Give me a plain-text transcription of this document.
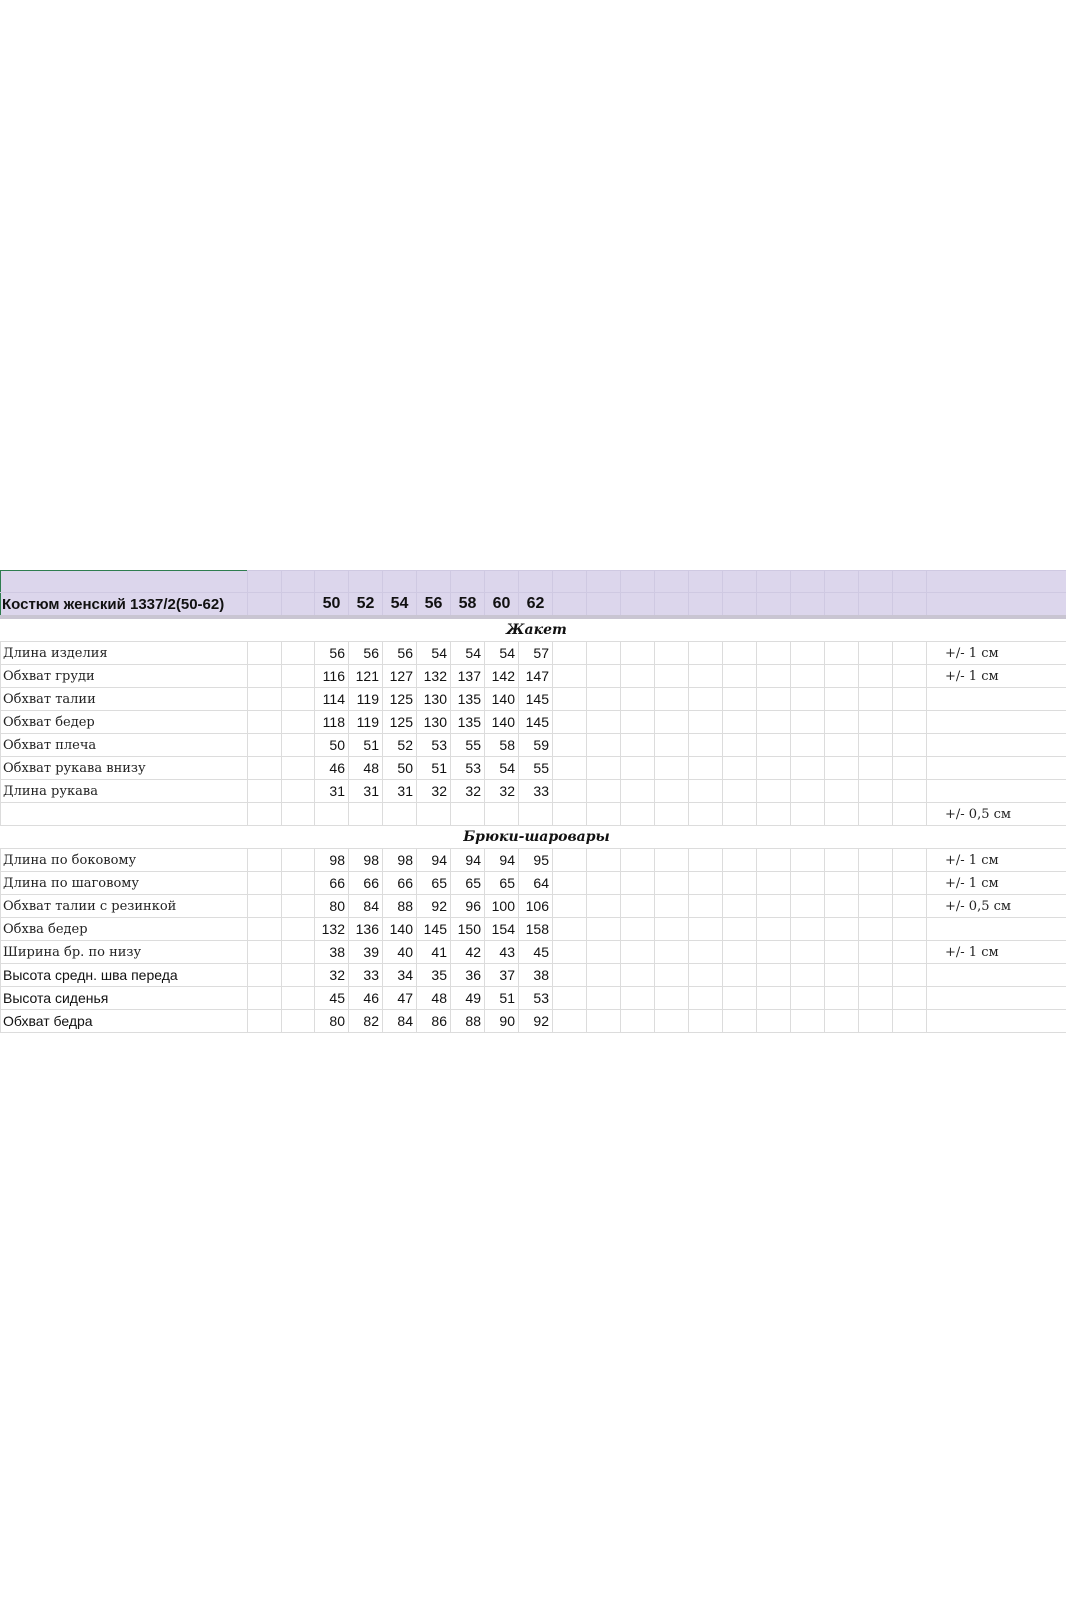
Костюм женский 1337/2(50-62)			50	52	54	56	58	60	62												
Жакет																					
Длина изделия			56	56	56	54	54	54	57												+/- 1 см
Обхват груди			116	121	127	132	137	142	147												+/- 1 см
Обхват талии			114	119	125	130	135	140	145												
Обхват бедер			118	119	125	130	135	140	145												
Обхват плеча			50	51	52	53	55	58	59												
Обхват рукава внизу			46	48	50	51	53	54	55												
Длина рукава			31	31	31	32	32	32	33												
																					+/- 0,5 см
Брюки-шаровары																					
Длина по боковому			98	98	98	94	94	94	95												+/- 1 см
Длина по шаговому			66	66	66	65	65	65	64												+/- 1 см
Обхват талии с резинкой			80	84	88	92	96	100	106												+/- 0,5 см
Обхва бедер			132	136	140	145	150	154	158												
Ширина бр. по низу			38	39	40	41	42	43	45												+/- 1 см
Высота средн. шва переда			32	33	34	35	36	37	38												
Высота сиденья			45	46	47	48	49	51	53												
Обхват бедра			80	82	84	86	88	90	92												
